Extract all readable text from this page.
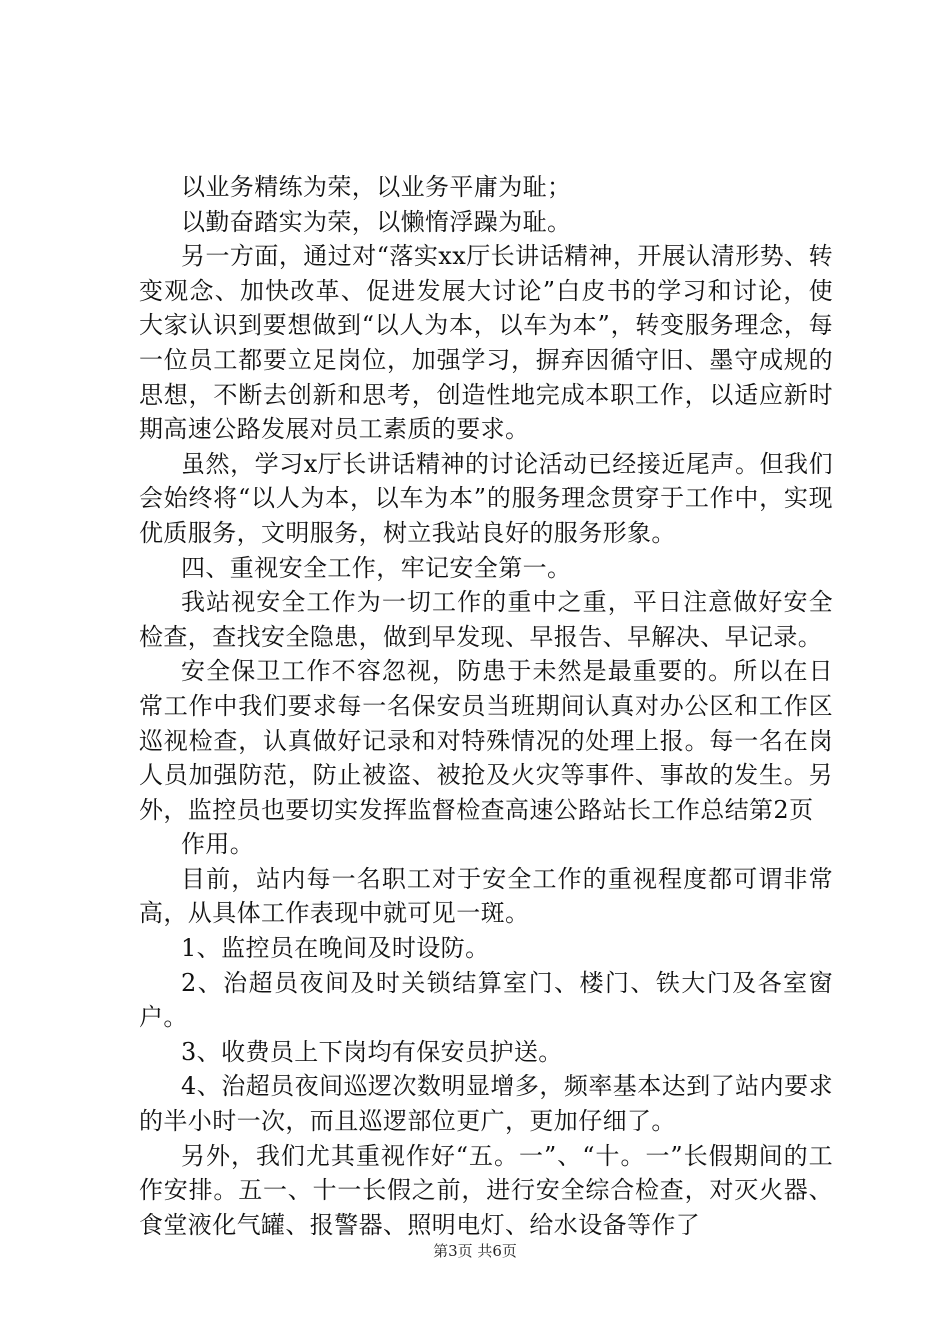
以业务精练为荣，以业务平庸为耻；

以勤奋踏实为荣，以懒惰浮躁为耻。

另一方面，通过对“落实xx厅长讲话精神，开展认清形势、转变观念、加快改革、促进发展大讨论”白皮书的学习和讨论，使大家认识到要想做到“以人为本，以车为本”，转变服务理念，每一位员工都要立足岗位，加强学习，摒弃因循守旧、墨守成规的思想，不断去创新和思考，创造性地完成本职工作，以适应新时期高速公路发展对员工素质的要求。

虽然，学习x厅长讲话精神的讨论活动已经接近尾声。但我们会始终将“以人为本，以车为本”的服务理念贯穿于工作中，实现优质服务，文明服务，树立我站良好的服务形象。

四、重视安全工作，牢记安全第一。

我站视安全工作为一切工作的重中之重，平日注意做好安全检查，查找安全隐患，做到早发现、早报告、早解决、早记录。

安全保卫工作不容忽视，防患于未然是最重要的。所以在日常工作中我们要求每一名保安员当班期间认真对办公区和工作区巡视检查，认真做好记录和对特殊情况的处理上报。每一名在岗人员加强防范，防止被盗、被抢及火灾等事件、事故的发生。另外，监控员也要切实发挥监督检查高速公路站长工作总结第2页

作用。

目前，站内每一名职工对于安全工作的重视程度都可谓非常高，从具体工作表现中就可见一斑。

1、监控员在晚间及时设防。

2、治超员夜间及时关锁结算室门、楼门、铁大门及各室窗户。

3、收费员上下岗均有保安员护送。

4、治超员夜间巡逻次数明显增多，频率基本达到了站内要求的半小时一次，而且巡逻部位更广，更加仔细了。

另外，我们尤其重视作好“五。一”、“十。一”长假期间的工作安排。五一、十一长假之前，进行安全综合检查，对灭火器、食堂液化气罐、报警器、照明电灯、给水设备等作了

第3页 共6页
